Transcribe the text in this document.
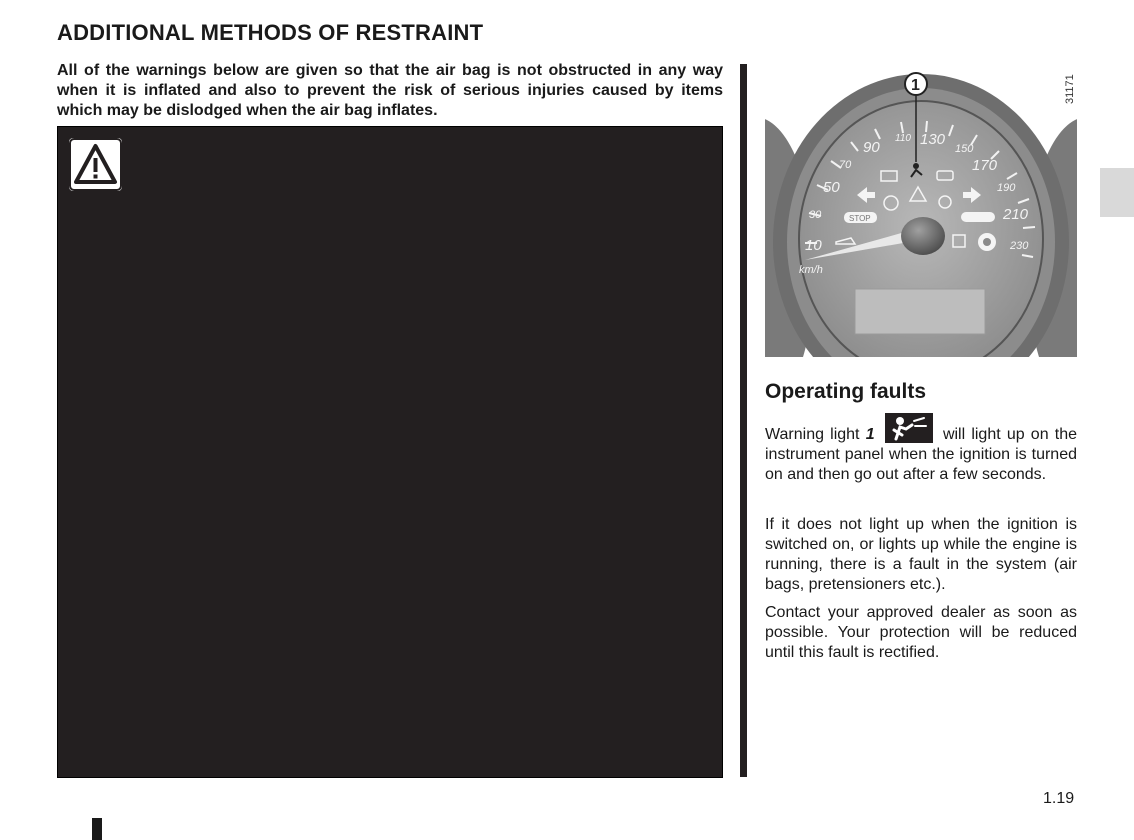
ADDITIONAL METHODS OF RESTRAINT
All of the warnings below are given so that the air bag is not obstructed in any way when it is inflated and also to prevent the risk of serious injuries caused by items which may be dislodged when the air bag inflates.
10
30
50
70
90
110 130
150
170
190
210
230
km/h
STOP
1	31171
Operating faults
Warning light 1	will light up on the instrument panel when the ignition is turned on and then go out after a few seconds.
If it does not light up when the ignition is switched on, or lights up while the engine is running, there is a fault in the system (air bags, pretensioners etc.).
Contact your approved dealer as soon as possible. Your protection will be reduced until this fault is rectified.
1.19
